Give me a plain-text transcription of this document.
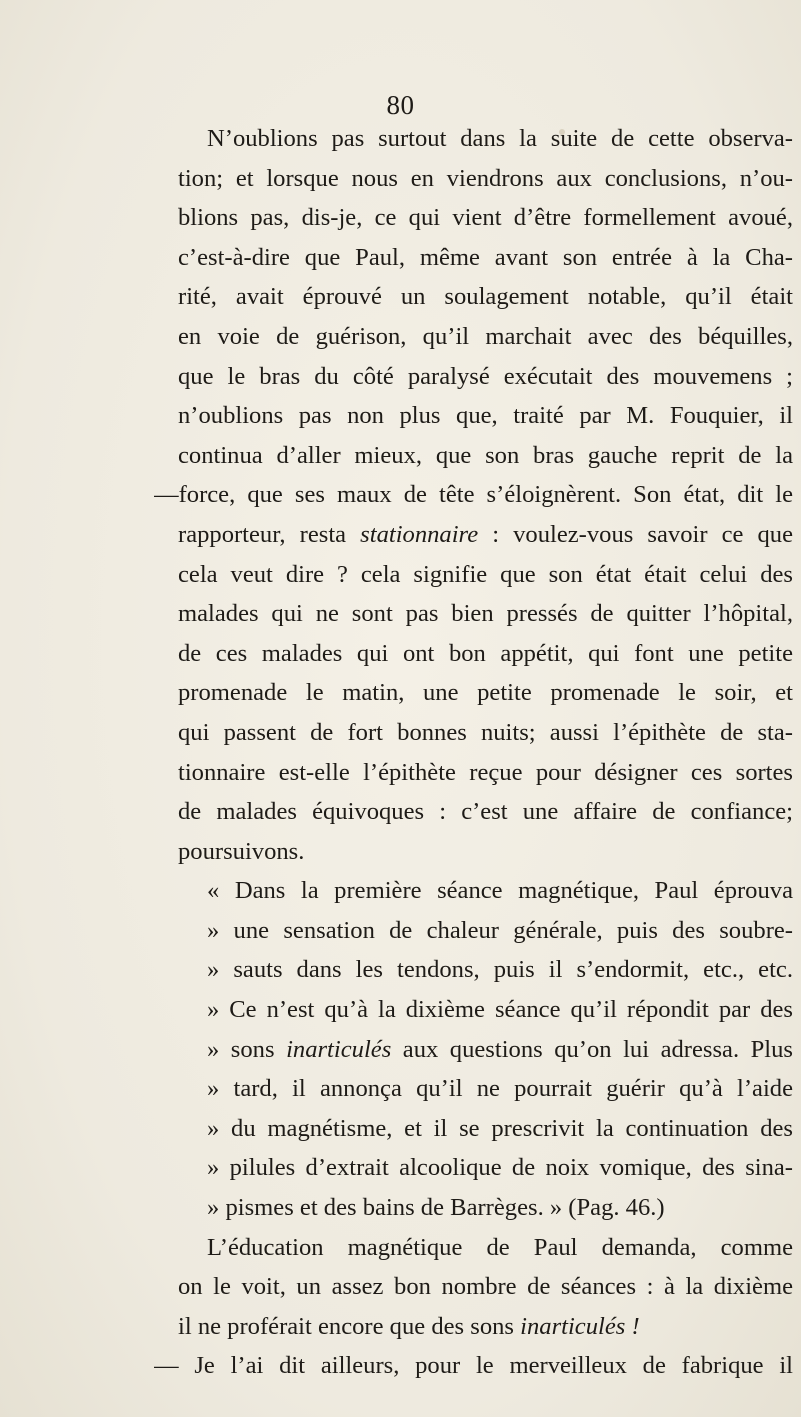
80
N’oublions pas surtout dans la suite de cette observa-
tion; et lorsque nous en viendrons aux conclusions, n’ou-
blions pas, dis-je, ce qui vient d’être formellement avoué,
c’est-à-dire que Paul, même avant son entrée à la Cha-
rité, avait éprouvé un soulagement notable, qu’il était
en voie de guérison, qu’il marchait avec des béquilles,
que le bras du côté paralysé exécutait des mouvemens ;
n’oublions pas non plus que, traité par M. Fouquier, il
continua d’aller mieux, que son bras gauche reprit de la
—force, que ses maux de tête s’éloignèrent. Son état, dit le
rapporteur, resta stationnaire : voulez-vous savoir ce que
cela veut dire ? cela signifie que son état était celui des
malades qui ne sont pas bien pressés de quitter l’hôpital,
de ces malades qui ont bon appétit, qui font une petite
promenade le matin, une petite promenade le soir, et
qui passent de fort bonnes nuits; aussi l’épithète de sta-
tionnaire est-elle l’épithète reçue pour désigner ces sortes
de malades équivoques : c’est une affaire de confiance;
poursuivons.
« Dans la première séance magnétique, Paul éprouva
» une sensation de chaleur générale, puis des soubre-
» sauts dans les tendons, puis il s’endormit, etc., etc.
» Ce n’est qu’à la dixième séance qu’il répondit par des
» sons inarticulés aux questions qu’on lui adressa. Plus
» tard, il annonça qu’il ne pourrait guérir qu’à l’aide
» du magnétisme, et il se prescrivit la continuation des
» pilules d’extrait alcoolique de noix vomique, des sina-
» pismes et des bains de Barrèges. » (Pag. 46.)
L’éducation magnétique de Paul demanda, comme
on le voit, un assez bon nombre de séances : à la dixième
il ne proférait encore que des sons inarticulés !
— Je l’ai dit ailleurs, pour le merveilleux de fabrique il
